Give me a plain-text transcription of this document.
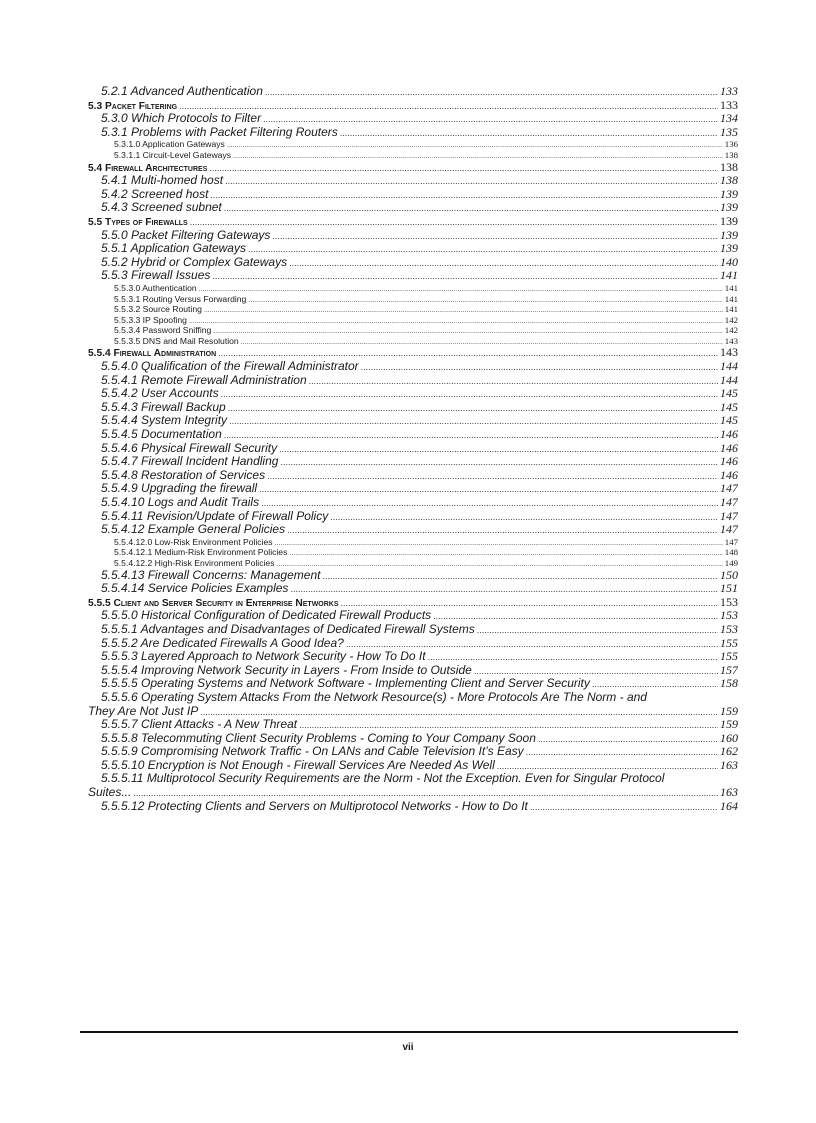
5.2.1 Advanced Authentication .....	133
5.3 Packet Filtering .....	133
5.3.0 Which Protocols to Filter .....	134
5.3.1 Problems with Packet Filtering Routers .....	135
5.3.1.0 Application Gateways .....	136
5.3.1.1 Circuit-Level Gateways .....	138
5.4 Firewall Architectures .....	138
5.4.1 Multi-homed host .....	138
5.4.2 Screened host .....	139
5.4.3 Screened subnet .....	139
5.5 Types of Firewalls .....	139
5.5.0 Packet Filtering Gateways .....	139
5.5.1 Application Gateways .....	139
5.5.2 Hybrid or Complex Gateways .....	140
5.5.3 Firewall Issues .....	141
5.5.3.0 Authentication .....	141
5.5.3.1 Routing Versus Forwarding .....	141
5.5.3.2 Source Routing .....	141
5.5.3.3 IP Spoofing .....	142
5.5.3.4 Password Sniffing .....	142
5.5.3.5 DNS and Mail Resolution .....	143
5.5.4 Firewall Administration .....	143
5.5.4.0 Qualification of the Firewall Administrator .....	144
5.5.4.1 Remote Firewall Administration .....	144
5.5.4.2 User Accounts .....	145
5.5.4.3 Firewall Backup .....	145
5.5.4.4 System Integrity .....	145
5.5.4.5 Documentation .....	146
5.5.4.6 Physical Firewall Security .....	146
5.5.4.7 Firewall Incident Handling .....	146
5.5.4.8 Restoration of Services .....	146
5.5.4.9 Upgrading the firewall .....	147
5.5.4.10 Logs and Audit Trails .....	147
5.5.4.11 Revision/Update of Firewall Policy .....	147
5.5.4.12 Example General Policies .....	147
5.5.4.12.0 Low-Risk Environment Policies .....	147
5.5.4.12.1 Medium-Risk Environment Policies .....	148
5.5.4.12.2 High-Risk Environment Policies .....	149
5.5.4.13 Firewall Concerns: Management .....	150
5.5.4.14 Service Policies Examples .....	151
5.5.5 Client and Server Security in Enterprise Networks .....	153
5.5.5.0 Historical Configuration of Dedicated Firewall Products .....	153
5.5.5.1 Advantages and Disadvantages of Dedicated Firewall Systems .....	153
5.5.5.2 Are Dedicated Firewalls A Good Idea? .....	155
5.5.5.3 Layered Approach to Network Security - How To Do It .....	155
5.5.5.4 Improving Network Security in Layers - From Inside to Outside .....	157
5.5.5.5 Operating Systems and Network Software - Implementing Client and Server Security .....	158
5.5.5.6 Operating System Attacks From the Network Resource(s) - More Protocols Are The Norm - and
They Are Not Just IP .....	159
5.5.5.7 Client Attacks - A New Threat .....	159
5.5.5.8 Telecommuting Client Security Problems - Coming to Your Company Soon .....	160
5.5.5.9 Compromising Network Traffic - On LANs and Cable Television It’s Easy .....	162
5.5.5.10 Encryption is Not Enough - Firewall Services Are Needed As Well .....	163
5.5.5.11 Multiprotocol Security Requirements are the Norm - Not the Exception. Even for Singular Protocol
Suites... .....	163
5.5.5.12 Protecting Clients and Servers on Multiprotocol Networks - How to Do It .....	164
vii
